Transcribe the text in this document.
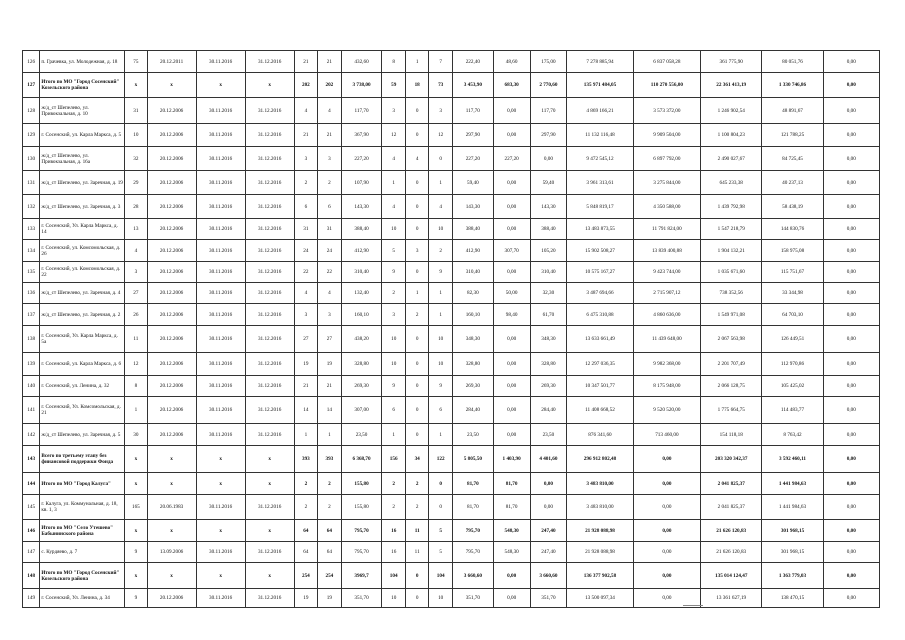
126	п. Грачевка, ул. Молодежная, д. 18	75	20.12.2011	30.11.2016	31.12.2016	21	21	432,60	8	1	7	222,40	48,60	175,00	7 278 885,94	6 837 058,28	361 775,90	80 051,76	0,00
127	Итого по МО "Город Сосенский" Козельского района	х	х	х	х	202	202	3 738,00	59	18	73	3 453,90	683,30	2 770,60	135 971 484,05	110 270 556,00	22 361 413,19	1 330 746,86	0,00
128	ж/д_ст Шепелево, ул. Привокзальная, д. 10	31	20.12.2006	30.11.2016	31.12.2016	4	4	117,70	3	0	3	117,70	0,00	117,70	4 869 166,21	3 573 372,00	1 246 902,54	48 891,67	0,00
129	г. Сосенский, ул. Карла Маркса, д. 5	10	20.12.2006	30.11.2016	31.12.2016	21	21	367,90	12	0	12	297,90	0,00	297,90	11 132 116,48	9 909 504,00	1 100 804,23	121 788,25	0,00
130	ж/д_ст Шепелево, ул. Привокзальная, д. 16а	32	20.12.2006	30.11.2016	31.12.2016	3	3	227,20	4	4	0	227,20	227,20	0,00	9 472 545,12	6 897 792,00	2 490 027,67	84 725,45	0,00
131	ж/д_ст Шепелево, ул. Заречная, д. 19	29	20.12.2006	30.11.2016	31.12.2016	2	2	107,90	1	0	1	59,40	0,00	59,40	3 961 313,61	3 275 844,00	645 233,38	40 237,13	0,00
132	ж/д_ст Шепелево, ул. Заречная, д. 3	28	20.12.2006	30.11.2016	31.12.2016	6	6	143,30	4	0	4	143,30	0,00	143,30	5 848 819,17	4 350 588,00	1 439 792,98	58 438,19	0,00
133	г. Сосенский, Ул. Карла Маркса, д. 14	13	20.12.2006	30.11.2016	31.12.2016	31	31	388,40	10	0	10	388,40	0,00	388,40	13 483 873,55	11 791 824,00	1 547 218,79	144 830,76	0,00
134	г. Сосенский, ул. Комсомольская, д. 26	4	20.12.2006	30.11.2016	31.12.2016	24	24	412,90	5	3	2	412,90	307,70	105,20	15 902 508,27	13 839 400,88	1 904 132,21	158 975,08	0,00
135	г. Сосенский, ул. Комсомольская, д. 22	3	20.12.2006	30.11.2016	31.12.2016	22	22	310,40	9	0	9	310,40	0,00	310,40	10 575 167,27	9 423 744,00	1 035 671,60	115 751,67	0,00
136	ж/д_ст Шепелево, ул. Заречная, д. 4	27	20.12.2006	30.11.2016	31.12.2016	4	4	132,40	2	1	1	82,30	50,00	32,30	3 487 694,66	2 715 907,12	738 352,56	33 344,98	0,00
137	ж/д_ст Шепелево, ул. Заречная, д. 2	26	20.12.2006	30.11.2016	31.12.2016	3	3	160,10	3	2	1	160,10	98,40	61,70	6 475 310,88	4 860 636,00	1 549 971,08	64 703,10	0,00
138	г. Сосенский, Ул. Карла Маркса, д. 5а	11	20.12.2006	30.11.2016	31.12.2016	27	27	438,20	10	0	10	348,30	0,00	348,30	13 633 661,49	11 439 648,00	2 067 563,98	126 449,51	0,00
139	г. Сосенский, ул. Карла Маркса, д. 6	12	20.12.2006	30.11.2016	31.12.2016	19	19	328,80	10	0	10	328,80	0,00	328,80	12 297 036,35	9 982 368,00	2 201 707,49	112 970,86	0,00
140	г. Сосенский, ул. Ленина, д. 32	8	20.12.2006	30.11.2016	31.12.2016	21	21	269,30	9	0	9	269,30	0,00	269,30	10 347 501,77	8 175 948,00	2 066 128,75	105 425,02	0,00
141	г. Сосенский, Ул. Комсомольская, д. 21	1	20.12.2006	30.11.2016	31.12.2016	14	14	307,00	6	0	6	284,40	0,00	284,40	11 408 668,52	9 520 520,00	1 775 664,75	114 483,77	0,00
142	ж/д_ст Шепелево, ул. Заречная, д. 5	30	20.12.2006	30.11.2016	31.12.2016	1	1	23,50	1	0	1	23,50	0,00	23,50	876 341,60	713 460,00	154 118,18	8 763,42	0,00
143	Всего по третьему этапу без финансовой поддержки Фонда	х	х	х	х	393	393	6 368,70	156	34	122	5 805,50	1 403,90	4 401,60	296 912 802,48	0,00	203 320 342,37	3 592 460,11	0,00
144	Итого по МО "Город Калуга"	х	х	х	х	2	2	155,80	2	2	0	81,70	81,70	0,00	3 483 810,00	0,00	2 041 825,37	1 441 984,63	0,00
145	г. Калуга, ул. Коммунальная, д. 18, кв. 1, 3	165	20.06.1983	30.11.2016	31.12.2016	2	2	155,80	2	2	0	81,70	81,70	0,00	3 483 810,00	0,00	2 041 825,37	1 441 984,63	0,00
146	Итого по МО "Село Утешево" Бабынинского района	х	х	х	х	64	64	795,70	16	11	5	795,70	548,30	247,40	21 928 088,98	0,00	21 626 120,83	301 968,15	0,00
147	с. Курдяево, д. 7	9	13.09.2006	30.11.2016	31.12.2016	64	64	795,70	16	11	5	795,70	548,30	247,40	21 928 088,98	0,00	21 626 120,83	301 968,15	0,00
148	Итого по МО "Город Сосенский" Козельского района	х	х	х	х	254	254	3969,7	104	0	104	3 660,60	0,00	3 660,60	136 377 902,58	0,00	135 014 124,47	1 363 779,03	0,00
149	г. Сосенский, Ул. Ленина, д. 34	9	20.12.2006	30.11.2016	31.12.2016	19	19	351,70	10	0	10	351,70	0,00	351,70	13 500 097,34	0,00	13 361 627,19	138 470,15	0,00
